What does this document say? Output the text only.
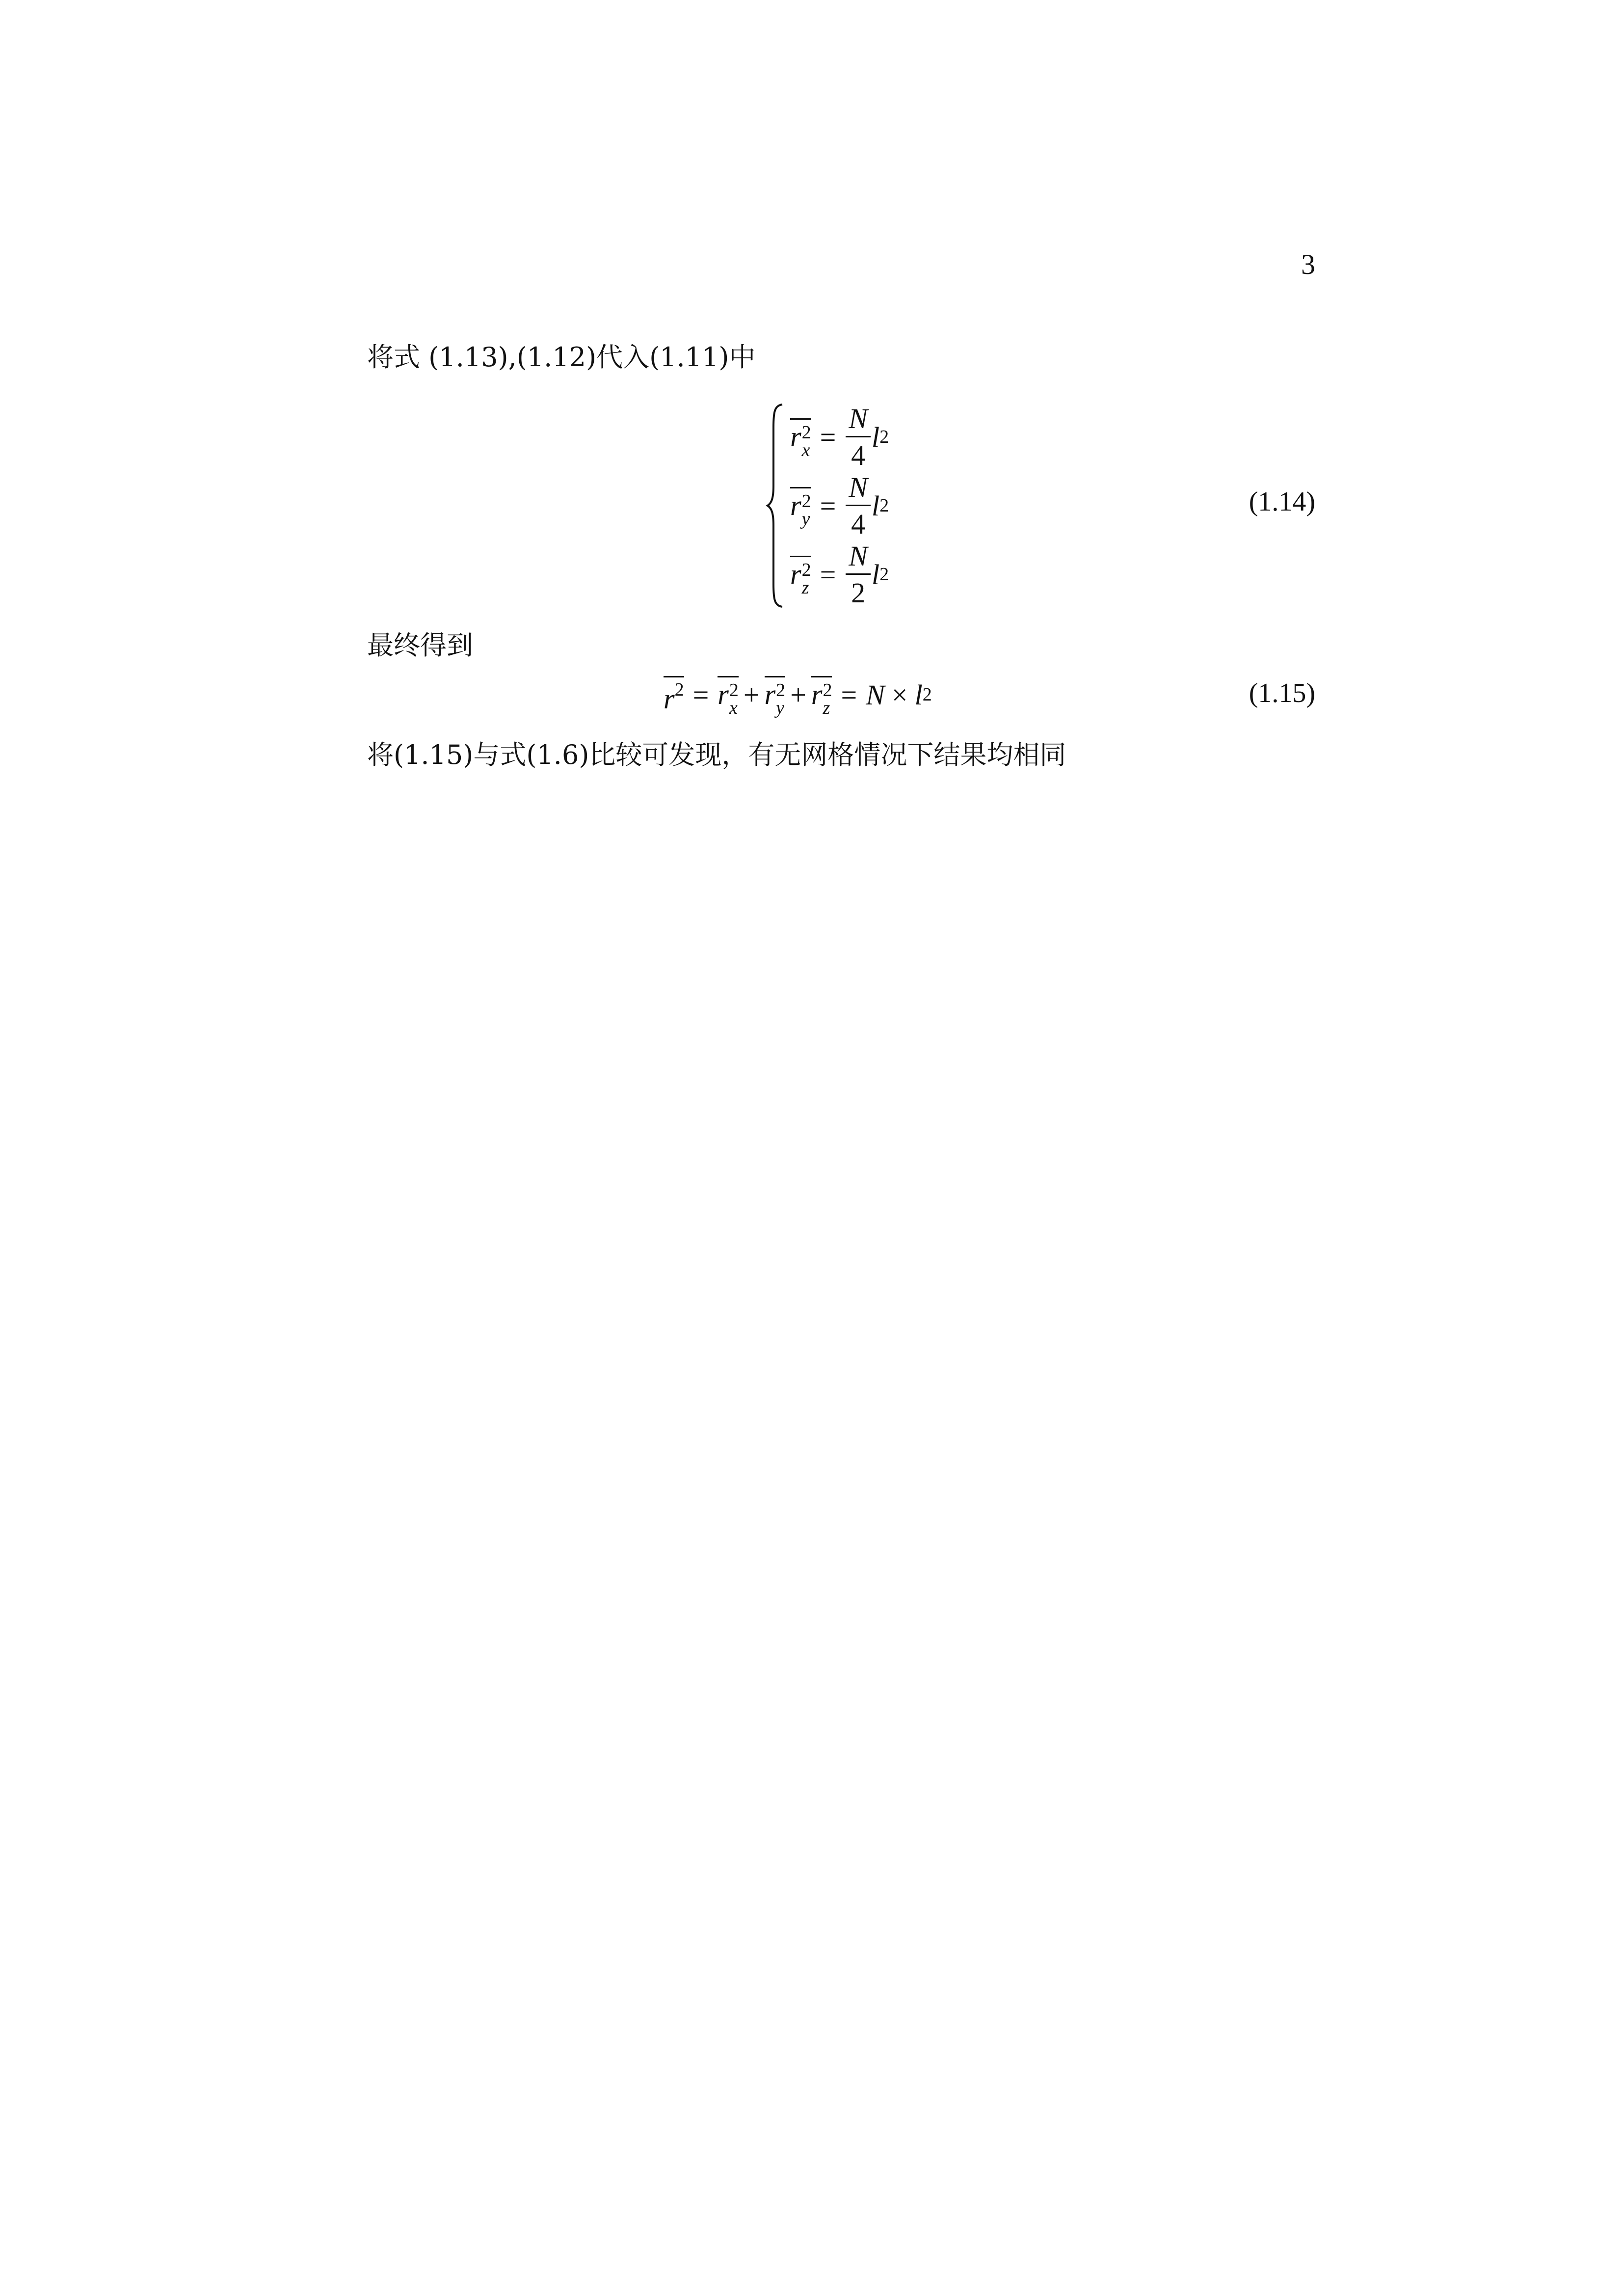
3
将式 (1.13),(1.12)代入(1.11)中
r 2
$x = \frac{N}{4}$ l 2
r 2
$y = \frac{N}{4}$ l 2
r 2
$z = \frac{N}{2}$ l 2
(1.14)
最终得到
$r^2 = r$ 2
x + r 2
y + r 2
z = N × l 2	(1.15)
将(1.15)与式(1.6)比较可发现，有无网格情况下结果均相同
